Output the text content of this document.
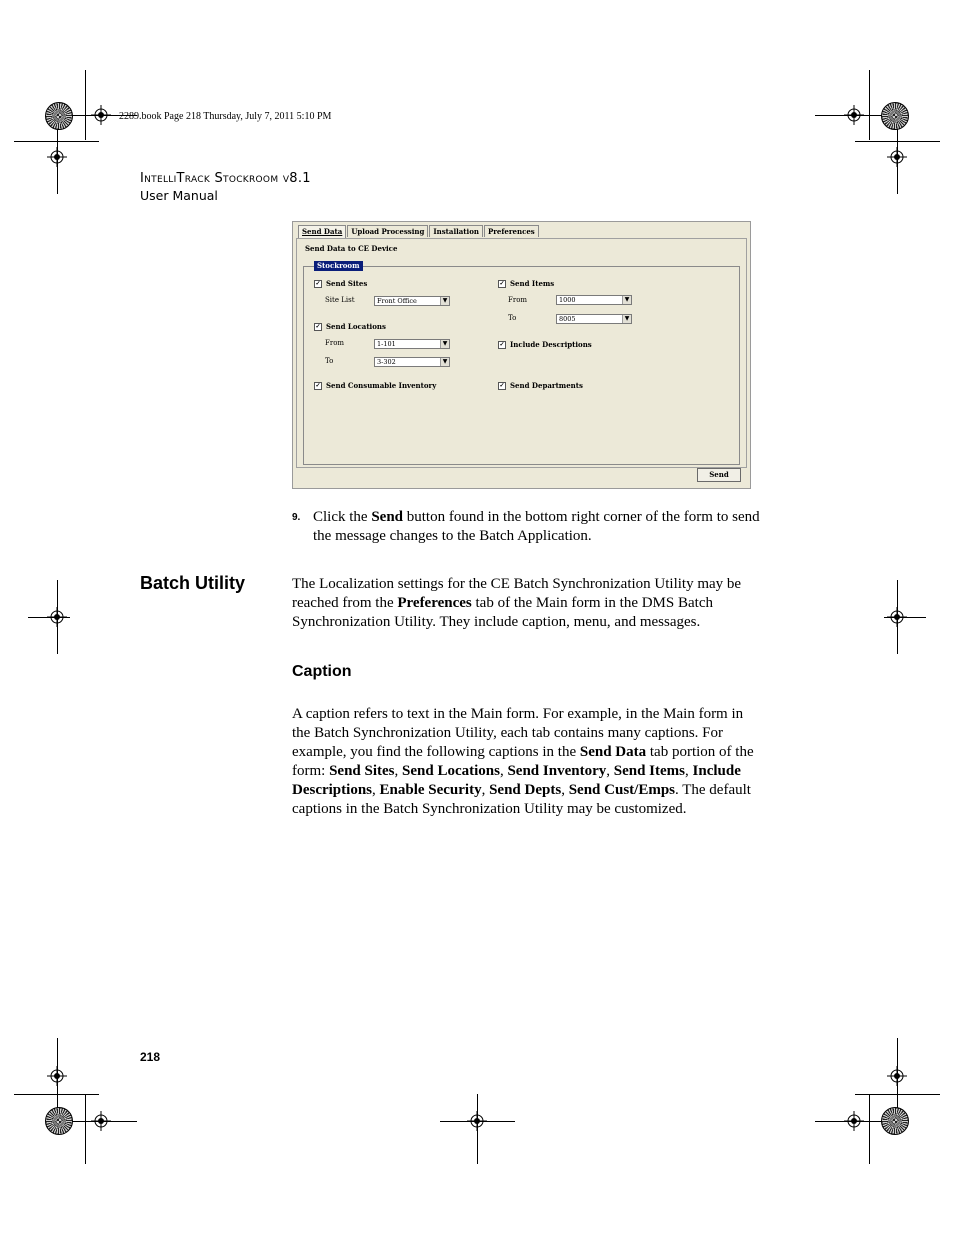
2289.book Page 218 Thursday, July 7, 2011 5:10 PM
IntelliTrack Stockroom v8.1
User Manual
Send Data	Upload Processing	Installation	Preferences
Send Data to CE Device
Stockroom
✓ Send Sites
Site List	Front Office	▼
✓ Send Locations
From	1-101	▼
To	3-302	▼
✓ Send Consumable Inventory
✓ Send Items
From	1000	▼
To	8005	▼
✓ Include Descriptions
✓ Send Departments
Send
9. Click the Send button found in the bottom right corner of the form to send the message changes to the Batch Application.
Batch Utility	The Localization settings for the CE Batch Synchronization Utility may be reached from the Preferences tab of the Main form in the DMS Batch Synchronization Utility. They include caption, menu, and messages.
Caption
A caption refers to text in the Main form. For example, in the Main form in the Batch Synchronization Utility, each tab contains many captions. For example, you find the following captions in the Send Data tab portion of the form: Send Sites, Send Locations, Send Inventory, Send Items, Include Descriptions, Enable Security, Send Depts, Send Cust/Emps. The default captions in the Batch Synchronization Utility may be customized.
218
